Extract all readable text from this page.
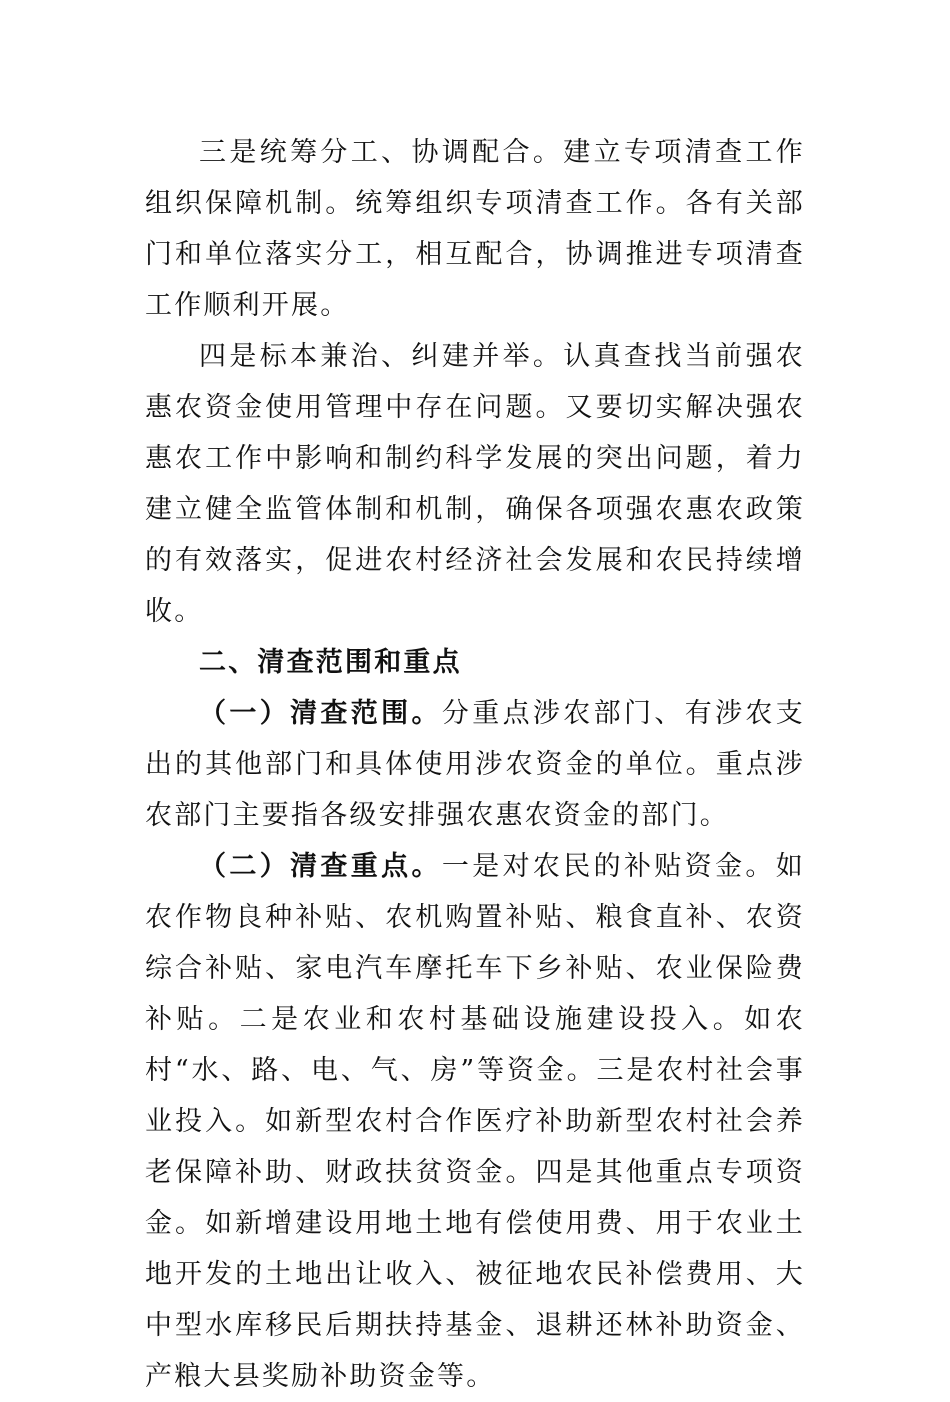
三是统筹分工、协调配合。建立专项清查工作组织保障机制。统筹组织专项清查工作。各有关部门和单位落实分工，相互配合，协调推进专项清查工作顺利开展。

四是标本兼治、纠建并举。认真查找当前强农惠农资金使用管理中存在问题。又要切实解决强农惠农工作中影响和制约科学发展的突出问题，着力建立健全监管体制和机制，确保各项强农惠农政策的有效落实，促进农村经济社会发展和农民持续增收。

二、清查范围和重点

（一）清查范围。分重点涉农部门、有涉农支出的其他部门和具体使用涉农资金的单位。重点涉农部门主要指各级安排强农惠农资金的部门。

（二）清查重点。一是对农民的补贴资金。如农作物良种补贴、农机购置补贴、粮食直补、农资综合补贴、家电汽车摩托车下乡补贴、农业保险费补贴。二是农业和农村基础设施建设投入。如农村“水、路、电、气、房”等资金。三是农村社会事业投入。如新型农村合作医疗补助新型农村社会养老保障补助、财政扶贫资金。四是其他重点专项资金。如新增建设用地土地有偿使用费、用于农业土地开发的土地出让收入、被征地农民补偿费用、大中型水库移民后期扶持基金、退耕还林补助资金、产粮大县奖励补助资金等。
